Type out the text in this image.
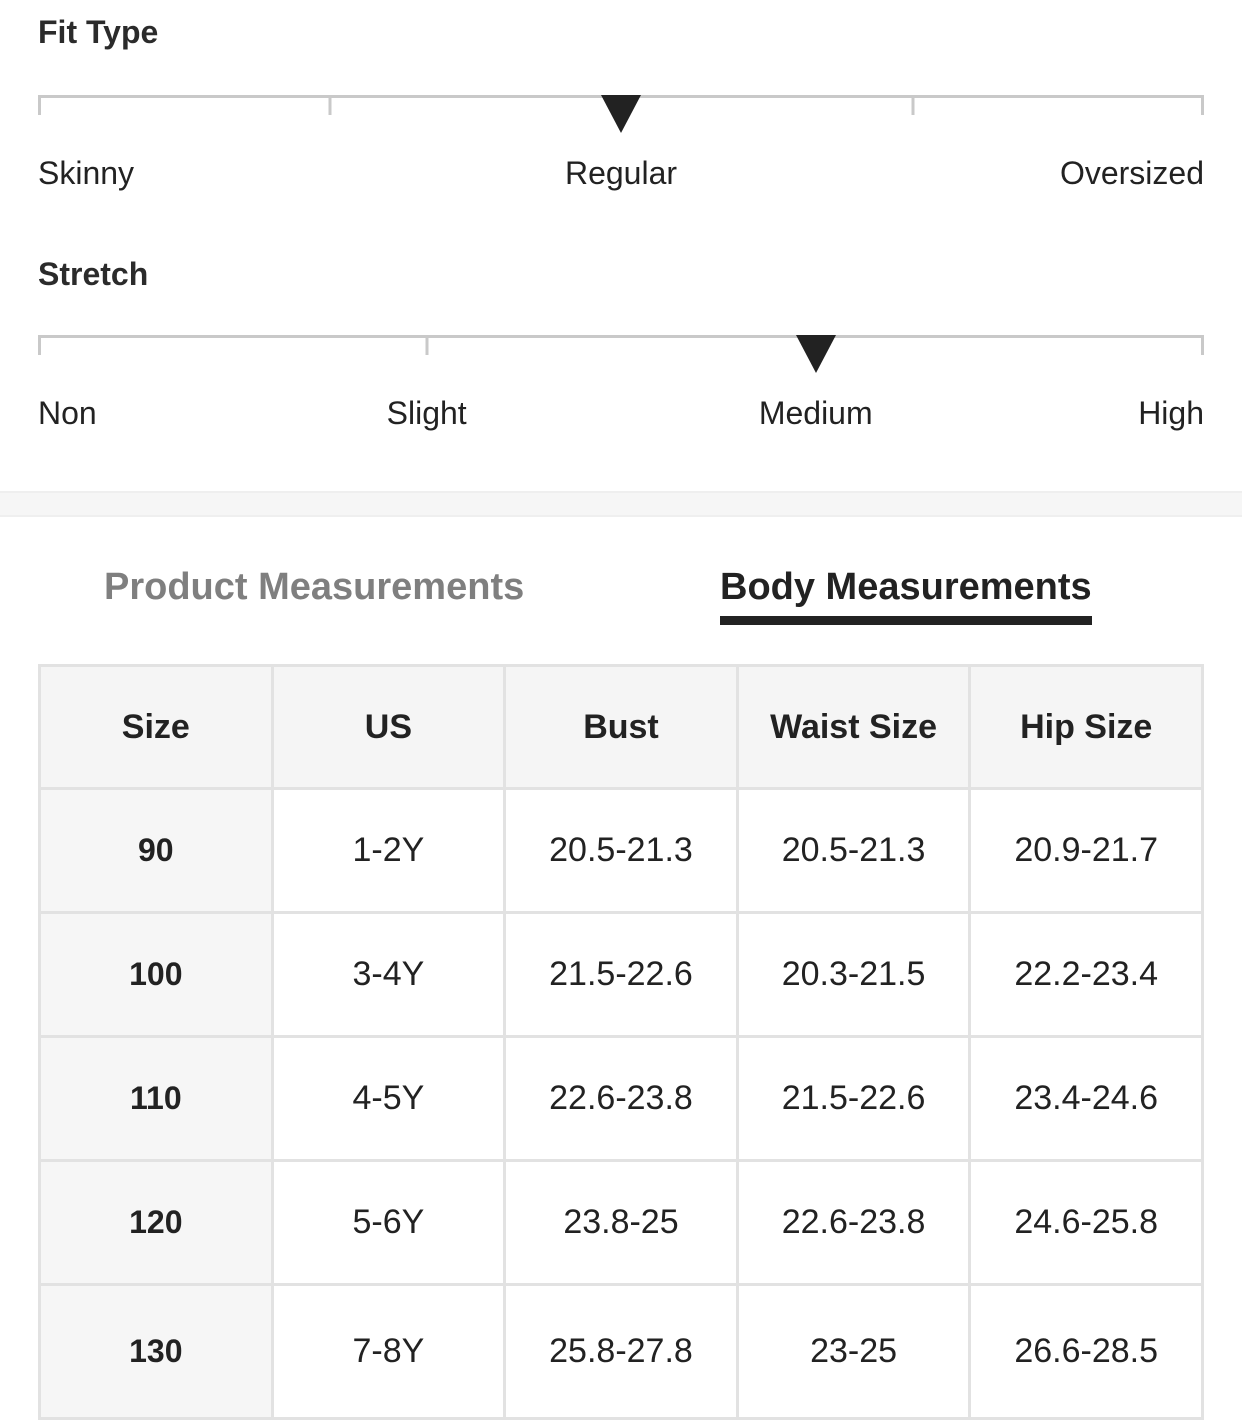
Fit Type
Skinny	Regular	Oversized
Stretch
Non	Slight	Medium	High
Product Measurements	Body Measurements
Size	US	Bust	Waist Size	Hip Size
90	1-2Y	20.5-21.3	20.5-21.3	20.9-21.7
100	3-4Y	21.5-22.6	20.3-21.5	22.2-23.4
110	4-5Y	22.6-23.8	21.5-22.6	23.4-24.6
120	5-6Y	23.8-25	22.6-23.8	24.6-25.8
130	7-8Y	25.8-27.8	23-25	26.6-28.5
